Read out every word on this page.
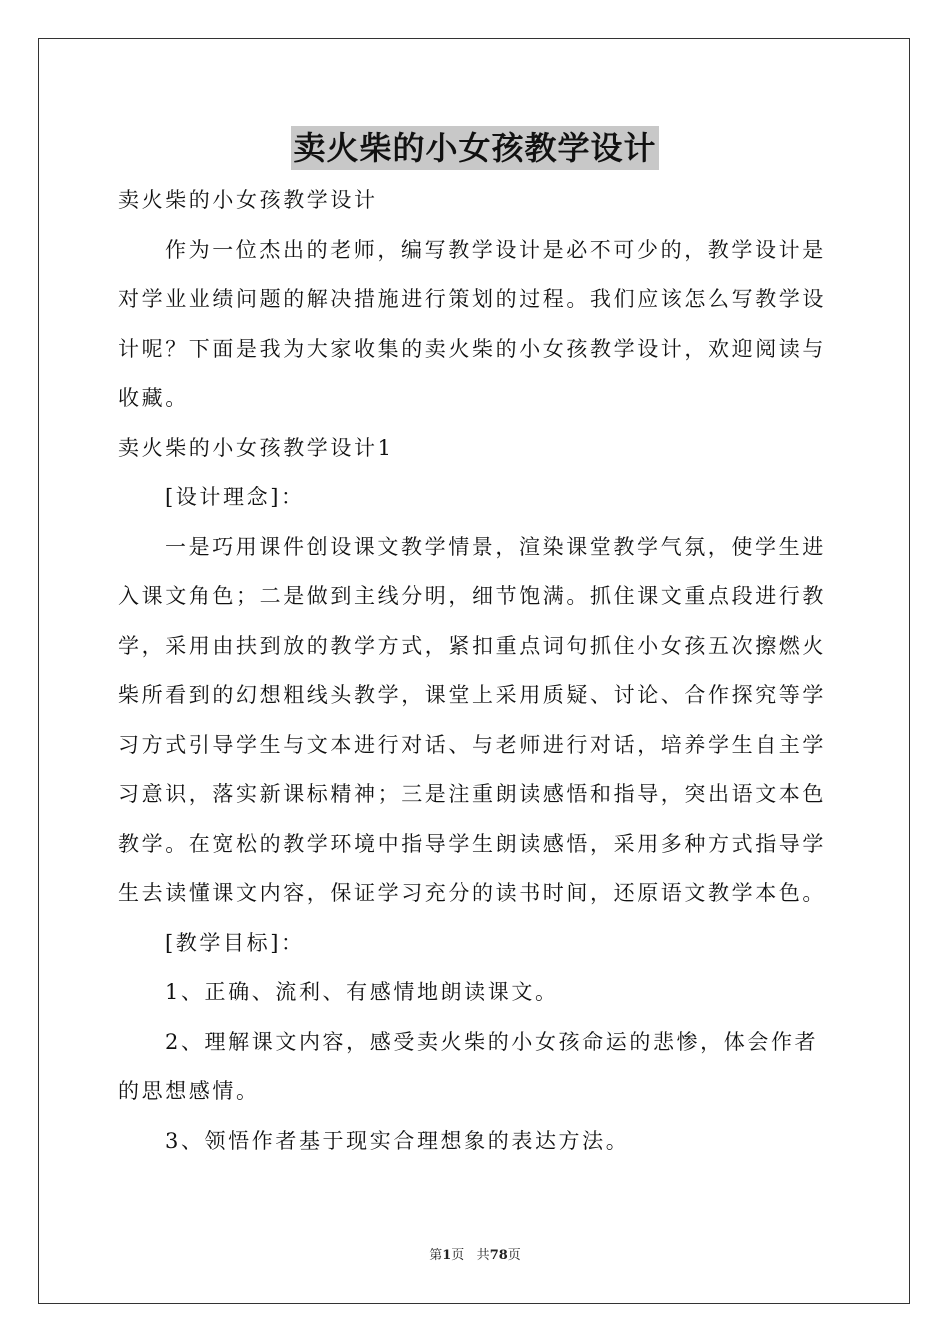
卖火柴的小女孩教学设计

卖火柴的小女孩教学设计

作为一位杰出的老师，编写教学设计是必不可少的，教学设计是对学业业绩问题的解决措施进行策划的过程。我们应该怎么写教学设计呢？下面是我为大家收集的卖火柴的小女孩教学设计，欢迎阅读与收藏。

卖火柴的小女孩教学设计1

[设计理念]：

一是巧用课件创设课文教学情景，渲染课堂教学气氛，使学生进入课文角色；二是做到主线分明，细节饱满。抓住课文重点段进行教学，采用由扶到放的教学方式，紧扣重点词句抓住小女孩五次擦燃火柴所看到的幻想粗线头教学，课堂上采用质疑、讨论、合作探究等学习方式引导学生与文本进行对话、与老师进行对话，培养学生自主学习意识，落实新课标精神；三是注重朗读感悟和指导，突出语文本色教学。在宽松的教学环境中指导学生朗读感悟，采用多种方式指导学生去读懂课文内容，保证学习充分的读书时间，还原语文教学本色。

[教学目标]：

1、正确、流利、有感情地朗读课文。

2、理解课文内容，感受卖火柴的小女孩命运的悲惨，体会作者的思想感情。

3、领悟作者基于现实合理想象的表达方法。

第1页 共78页
